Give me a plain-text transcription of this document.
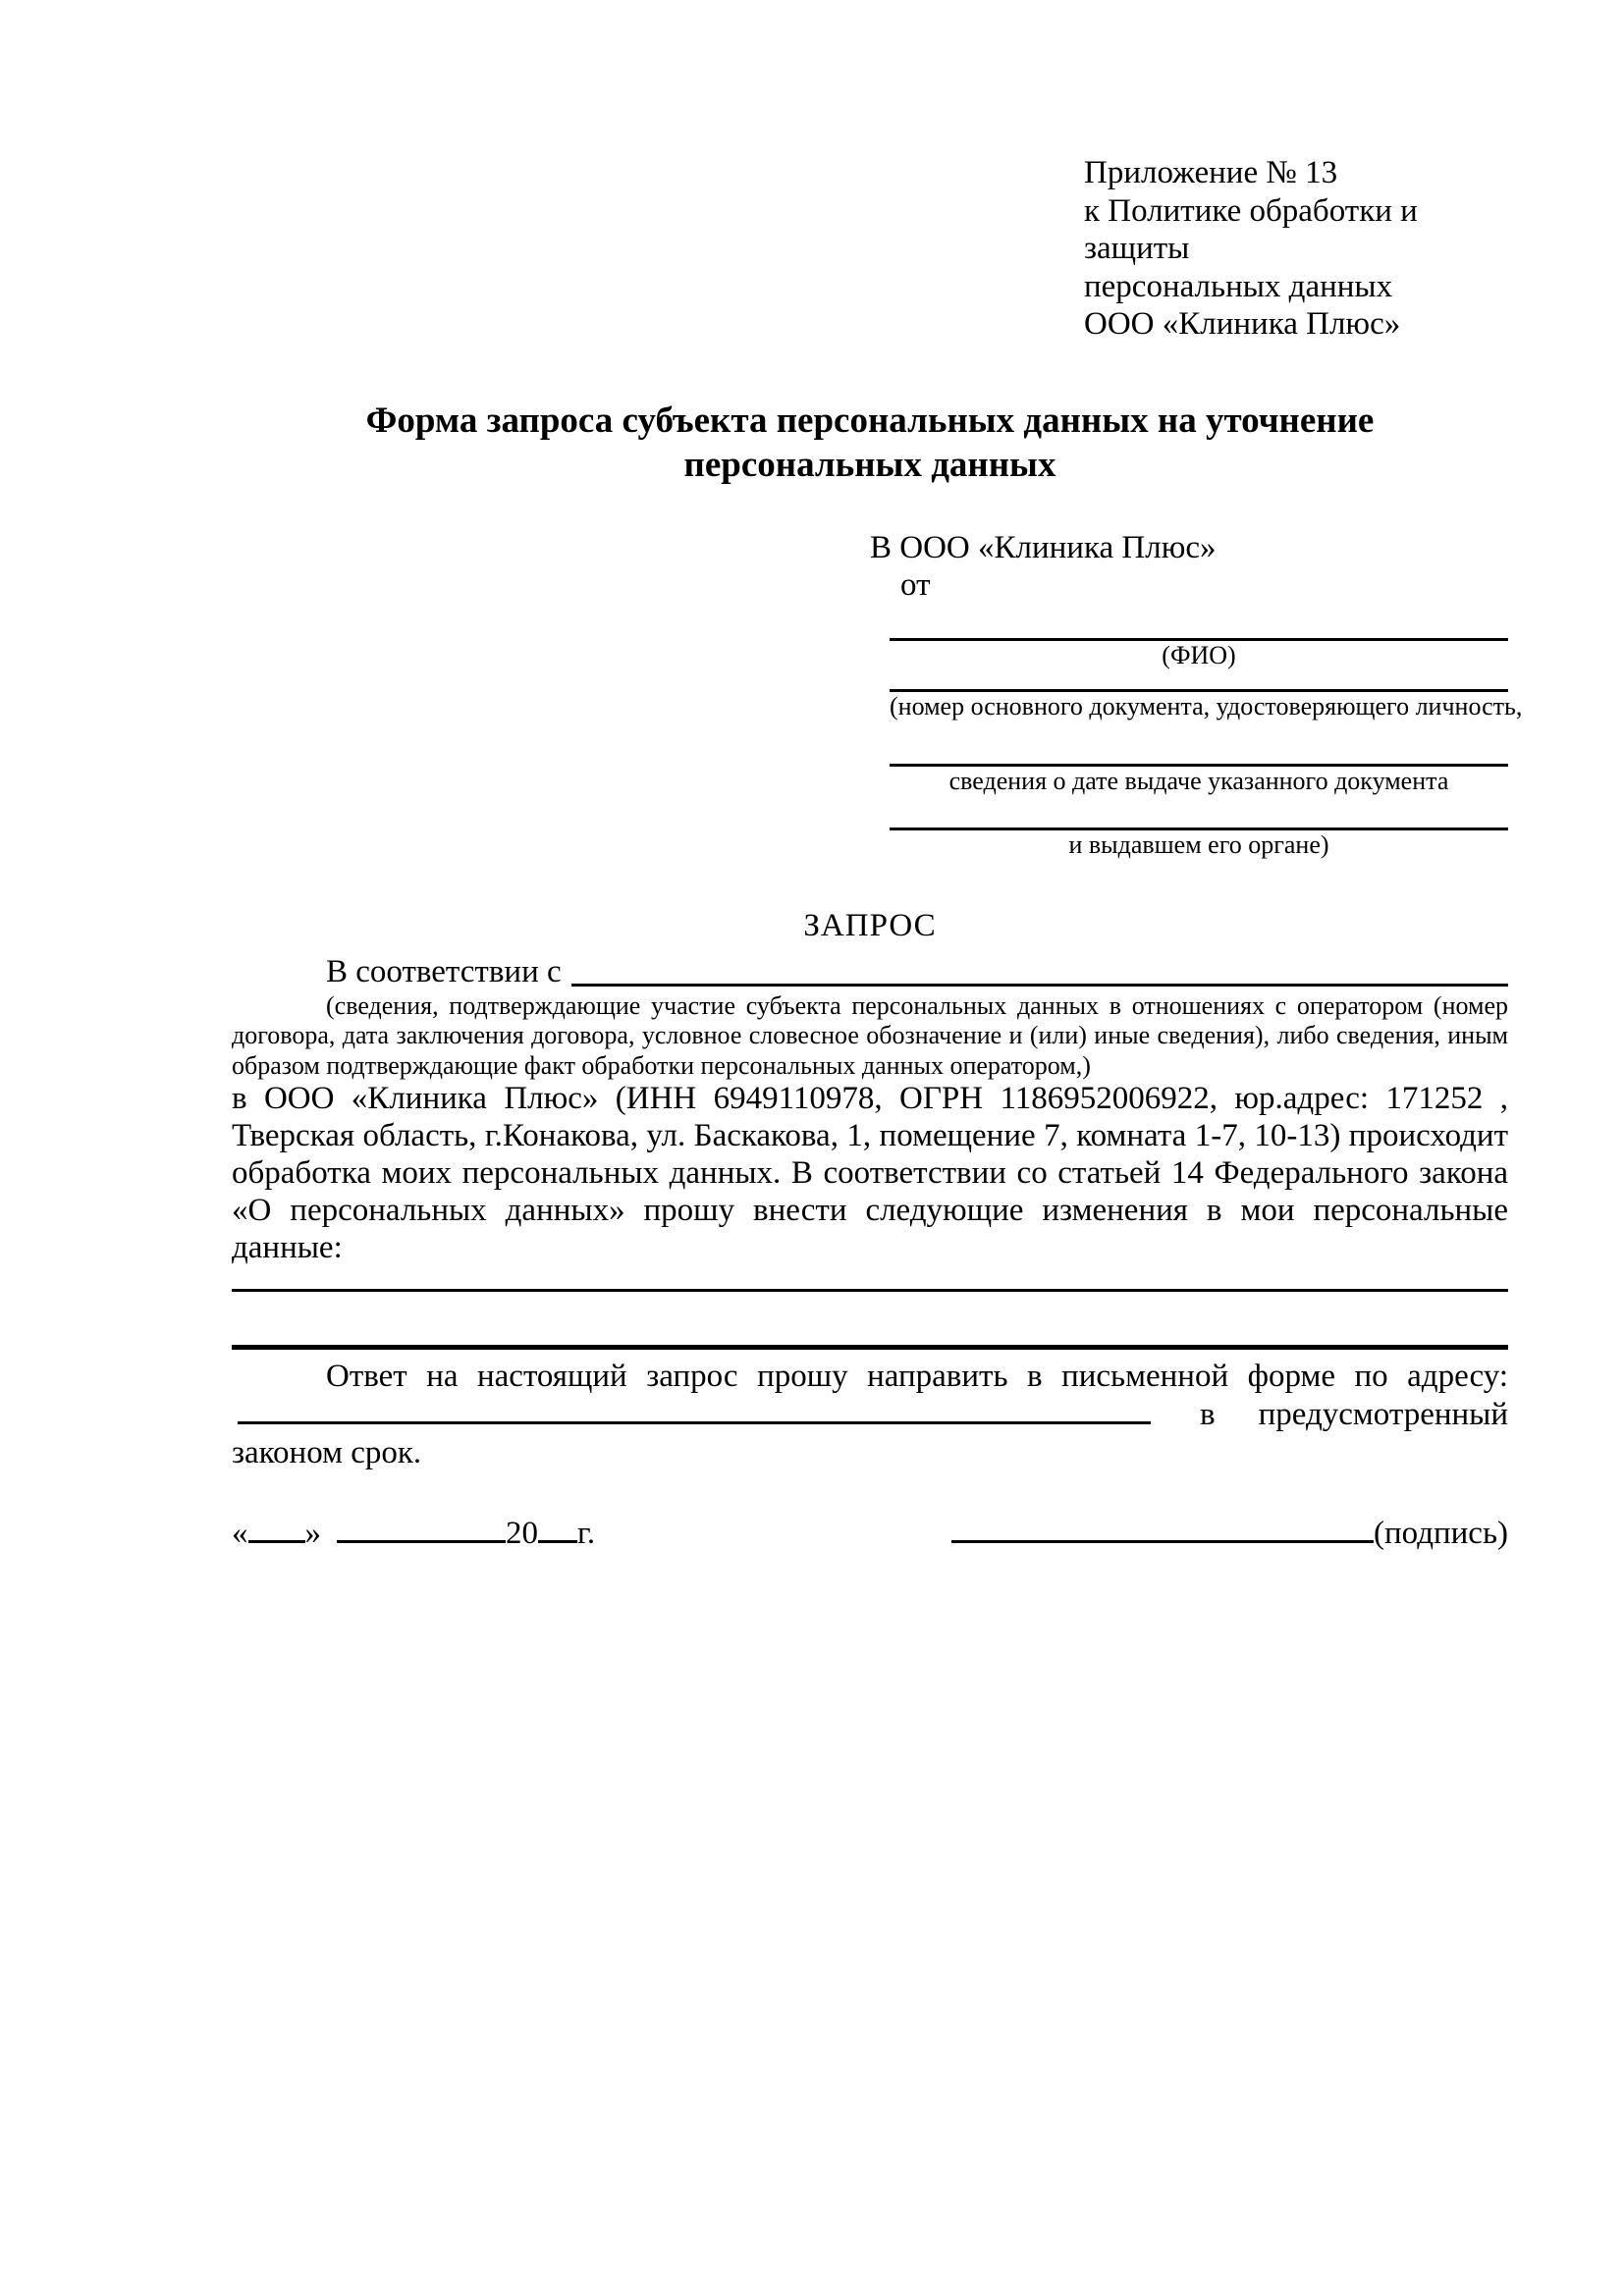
Приложение № 13
к Политике обработки и защиты
персональных данных
ООО «Клиника Плюс»
Форма запроса субъекта персональных данных на уточнение
персональных данных
В ООО «Клиника Плюс»
от
(ФИО)
(номер основного документа, удостоверяющего личность,
сведения о дате выдаче указанного документа
и выдавшем его органе)
ЗАПРОС
В соответствии с
(сведения, подтверждающие участие субъекта персональных данных в отношениях с оператором (номер договора, дата заключения договора, условное словесное обозначение и (или) иные сведения), либо сведения, иным образом подтверждающие факт обработки персональных данных оператором,)
в ООО «Клиника Плюс» (ИНН 6949110978, ОГРН 1186952006922, юр.адрес: 171252 , Тверская область, г.Конакова, ул. Баскакова, 1, помещение 7, комната 1-7, 10-13) происходит обработка моих персональных данных. В соответствии со статьей 14 Федерального закона «О персональных данных» прошу внести следующие изменения в мои персональные данные:
Ответ на настоящий запрос прошу направить в письменной форме по адресу:  в предусмотренный законом срок.
« »	20 г.	(подпись)
